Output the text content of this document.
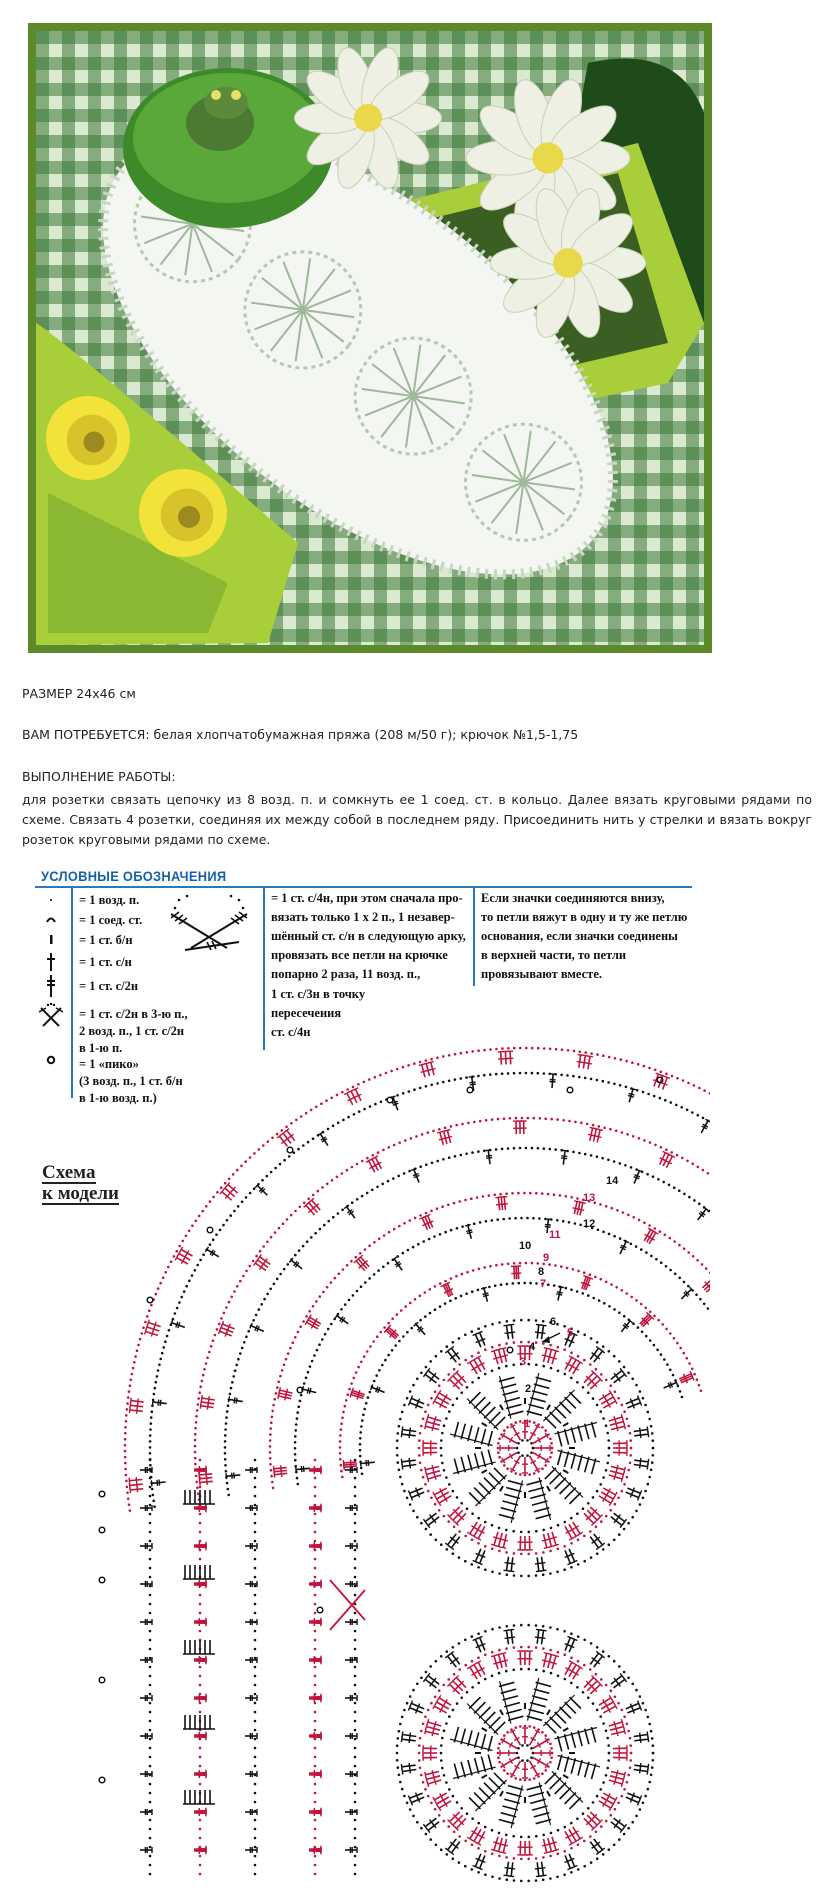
РАЗМЕР 24х46 см
ВАМ ПОТРЕБУЕТСЯ: белая хлопчатобумажная пряжа (208 м/50 г); крючок №1,5-1,75
ВЫПОЛНЕНИЕ РАБОТЫ:
для розетки связать цепочку из 8 возд. п. и сомкнуть ее 1 соед. ст. в кольцо. Далее вязать круговыми рядами по схеме. Связать 4 розетки, соединяя их между собой в последнем ряду. Присоединить нить у стрелки и вязать вокруг розеток круговыми рядами по схеме.
УСЛОВНЫЕ ОБОЗНАЧЕНИЯ
·	= 1 возд. п.
= 1 соед. ст.
= 1 ст. б/н
= 1 ст. с/н
= 1 ст. с/2н
= 1 ст. с/2н в 3-ю п.,
2 возд. п., 1 ст. с/2н
в 1-ю п.
= 1 «пико»
(3 возд. п., 1 ст. б/н
в 1-ю возд. п.)
= 1 ст. с/4н, при этом сначала про-
вязать только 1 х 2 п., 1 незавер-
шённый ст. с/н в следующую арку,
провязать все петли на крючке
попарно 2 раза, 11 возд. п.,
1 ст. с/3н в точку
пересечения
ст. с/4н
Если значки соединяются внизу,
то петли вяжут в одну и ту же петлю
основания, если значки соединены
в верхней части, то петли
провязывают вместе.
Схема
к модели
1
2
3
4
5
6
7
8
9
10
11
12
13
14
